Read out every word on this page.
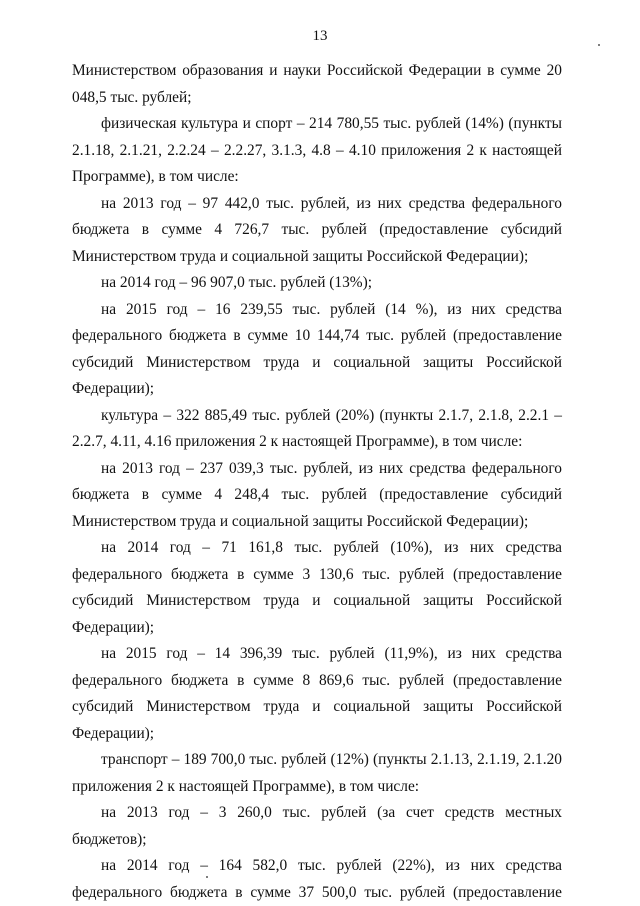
13

Министерством образования и науки Российской Федерации в сумме 20 048,5 тыс. рублей;

физическая культура и спорт – 214 780,55 тыс. рублей (14%) (пункты 2.1.18, 2.1.21, 2.2.24 – 2.2.27, 3.1.3, 4.8 – 4.10 приложения 2 к настоящей Программе), в том числе:

на 2013 год – 97 442,0 тыс. рублей, из них средства федерального бюджета в сумме 4 726,7 тыс. рублей (предоставление субсидий Министерством труда и социальной защиты Российской Федерации);

на 2014 год – 96 907,0 тыс. рублей (13%);

на 2015 год – 16 239,55 тыс. рублей (14 %), из них средства федерального бюджета в сумме 10 144,74 тыс. рублей (предоставление субсидий Министерством труда и социальной защиты Российской Федерации);

культура – 322 885,49 тыс. рублей (20%) (пункты 2.1.7, 2.1.8, 2.2.1 – 2.2.7, 4.11, 4.16 приложения 2 к настоящей Программе), в том числе:

на 2013 год – 237 039,3 тыс. рублей, из них средства федерального бюджета в сумме 4 248,4 тыс. рублей (предоставление субсидий Министерством труда и социальной защиты Российской Федерации);

на 2014 год – 71 161,8 тыс. рублей (10%), из них средства федерального бюджета в сумме 3 130,6 тыс. рублей (предоставление субсидий Министерством труда и социальной защиты Российской Федерации);

на 2015 год – 14 396,39 тыс. рублей (11,9%), из них средства федерального бюджета в сумме 8 869,6 тыс. рублей (предоставление субсидий Министерством труда и социальной защиты Российской Федерации);

транспорт – 189 700,0 тыс. рублей (12%) (пункты 2.1.13, 2.1.19, 2.1.20 приложения 2 к настоящей Программе), в том числе:

на 2013 год – 3 260,0 тыс. рублей (за счет средств местных бюджетов);

на 2014 год – 164 582,0 тыс. рублей (22%), из них средства федерального бюджета в сумме 37 500,0 тыс. рублей (предоставление
